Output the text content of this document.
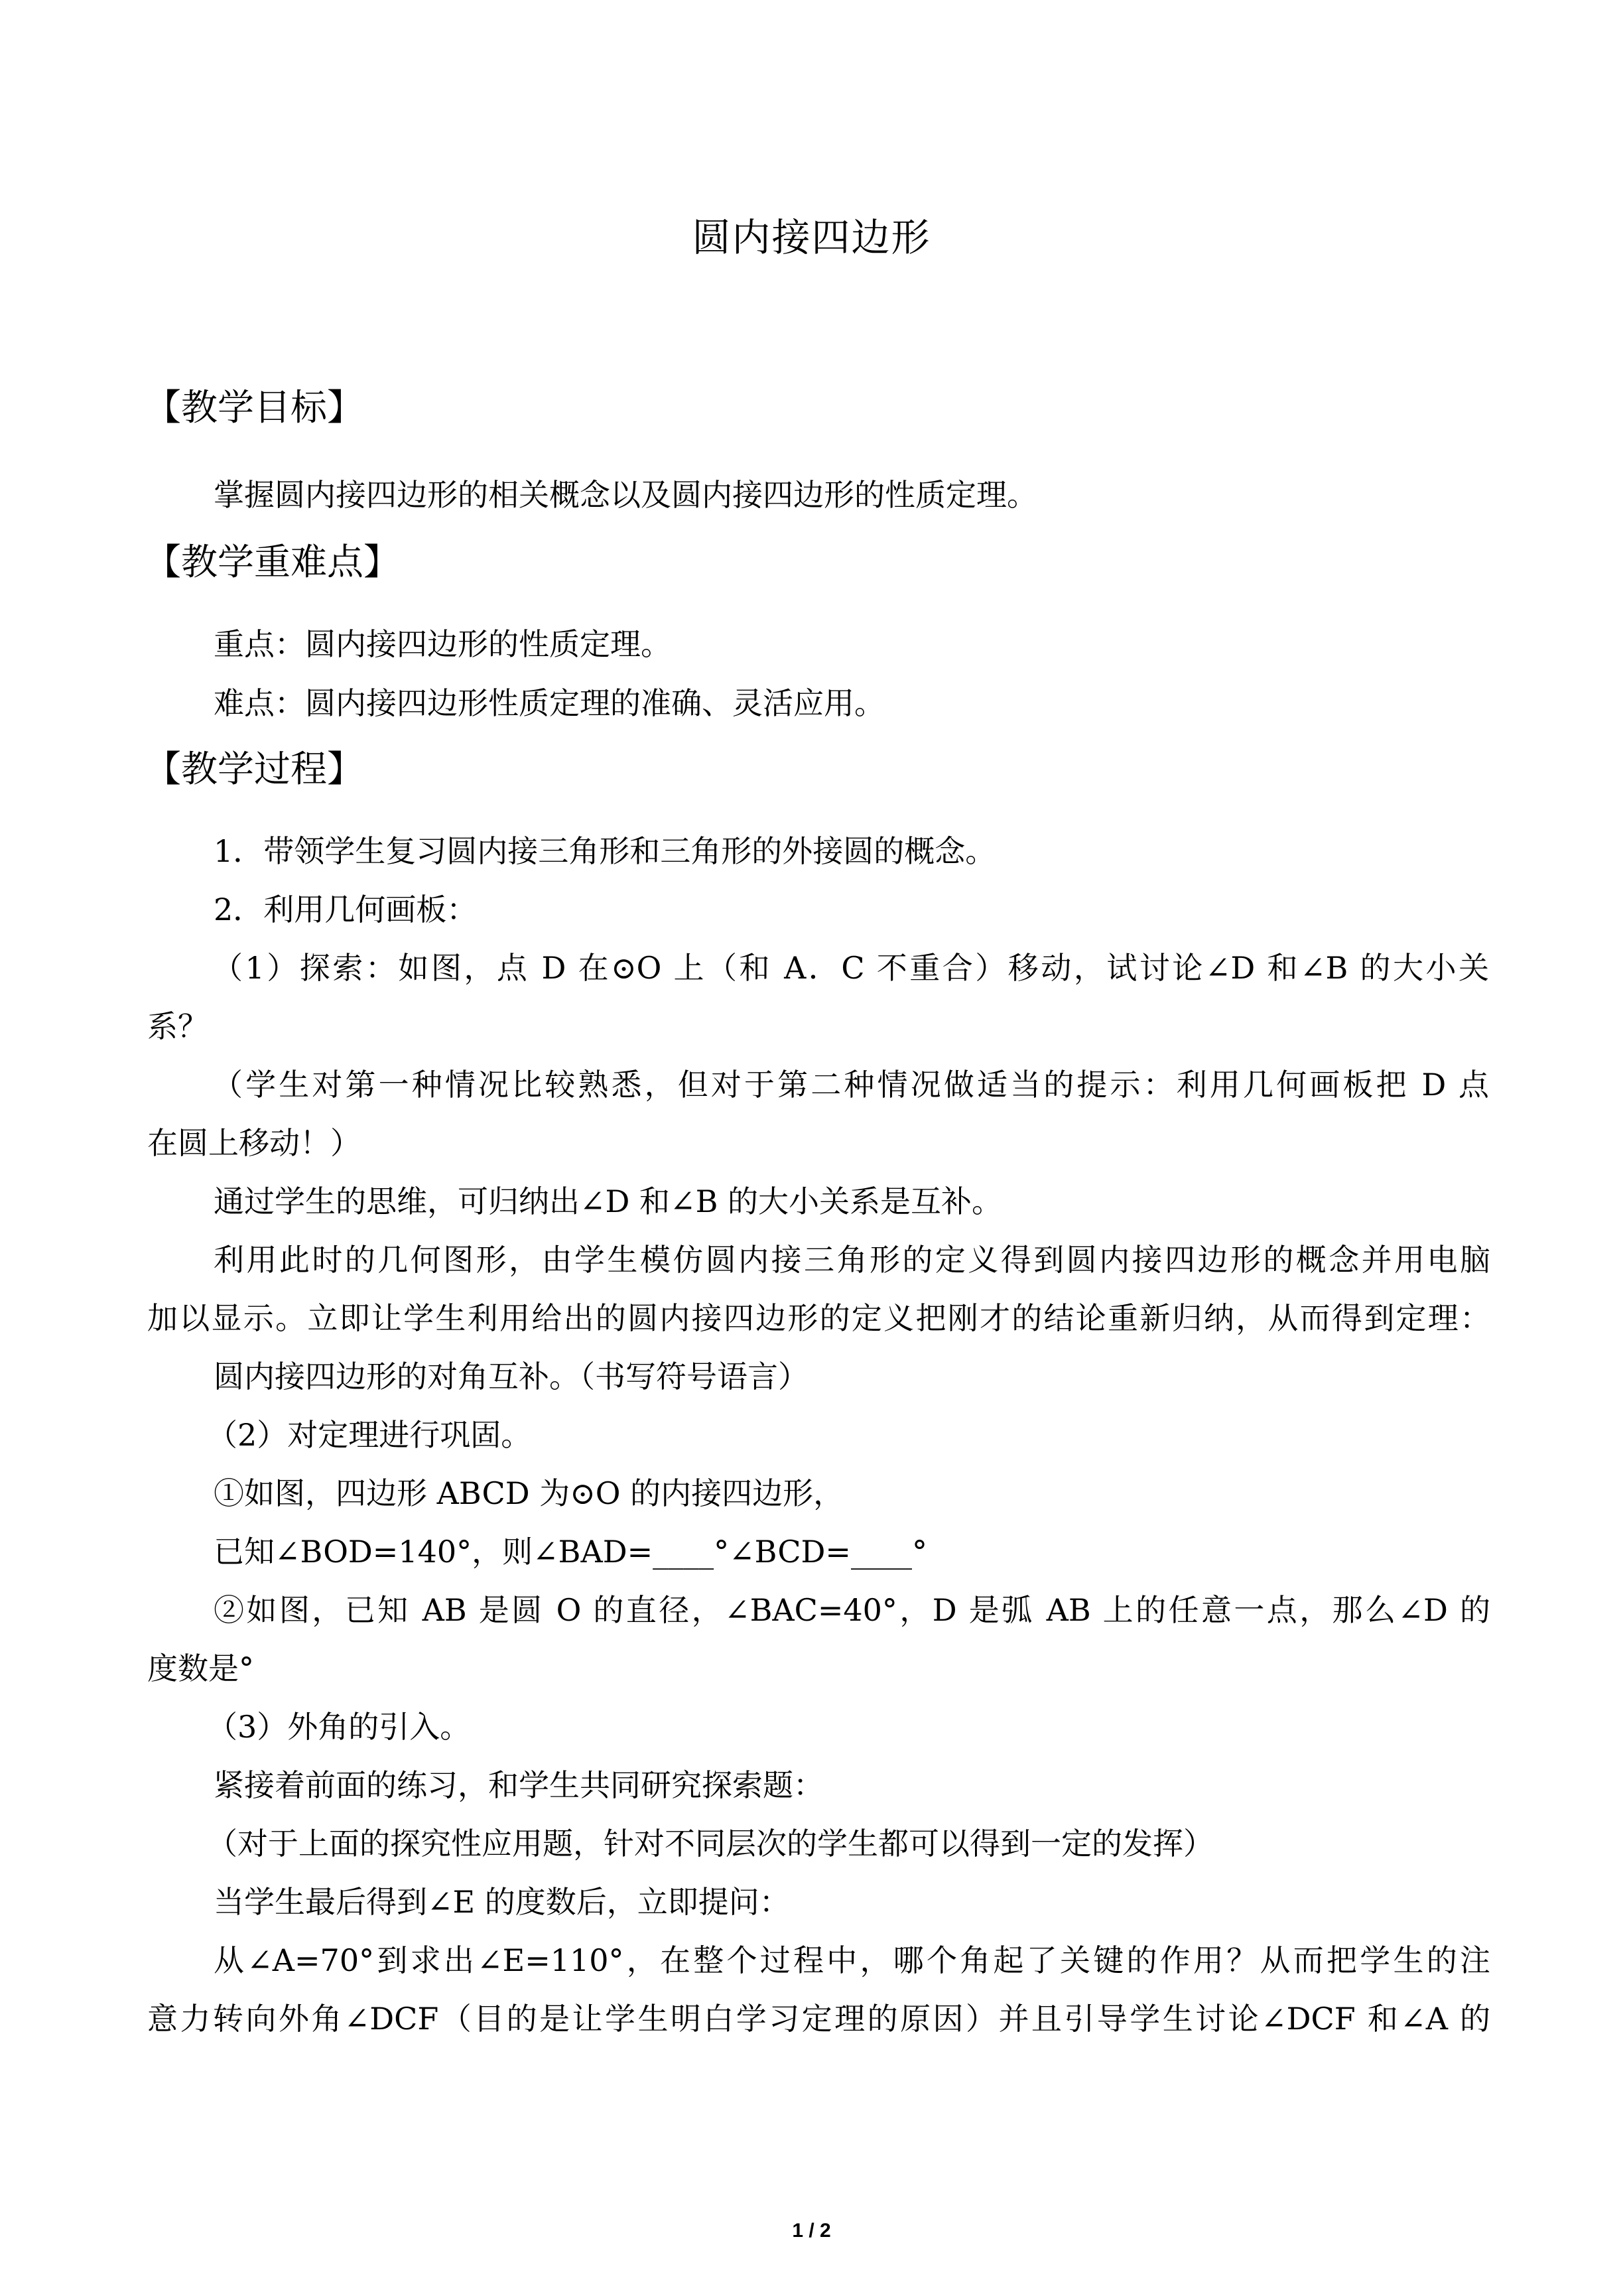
圆内接四边形
【教学目标】
掌握圆内接四边形的相关概念以及圆内接四边形的性质定理。
【教学重难点】
重点：圆内接四边形的性质定理。
难点：圆内接四边形性质定理的准确、灵活应用。
【教学过程】
1．带领学生复习圆内接三角形和三角形的外接圆的概念。
2．利用几何画板：
（1）探索：如图，点 D 在⊙O 上（和 A．C 不重合）移动，试讨论∠D 和∠B 的大小关
系？
（学生对第一种情况比较熟悉，但对于第二种情况做适当的提示：利用几何画板把 D 点
在圆上移动！）
通过学生的思维，可归纳出∠D 和∠B 的大小关系是互补。
利用此时的几何图形，由学生模仿圆内接三角形的定义得到圆内接四边形的概念并用电脑
加以显示。立即让学生利用给出的圆内接四边形的定义把刚才的结论重新归纳，从而得到定理：
圆内接四边形的对角互补。（书写符号语言）
（2）对定理进行巩固。
①如图，四边形 ABCD 为⊙O 的内接四边形，
已知∠BOD=140°，则∠BAD=____°∠BCD=____°
②如图，已知 AB 是圆 O 的直径，∠BAC=40°，D 是弧 AB 上的任意一点，那么∠D 的
度数是°
（3）外角的引入。
紧接着前面的练习，和学生共同研究探索题：
（对于上面的探究性应用题，针对不同层次的学生都可以得到一定的发挥）
当学生最后得到∠E 的度数后，立即提问：
从∠A=70°到求出∠E=110°，在整个过程中，哪个角起了关键的作用？从而把学生的注
意力转向外角∠DCF（目的是让学生明白学习定理的原因）并且引导学生讨论∠DCF 和∠A 的
1 / 2
